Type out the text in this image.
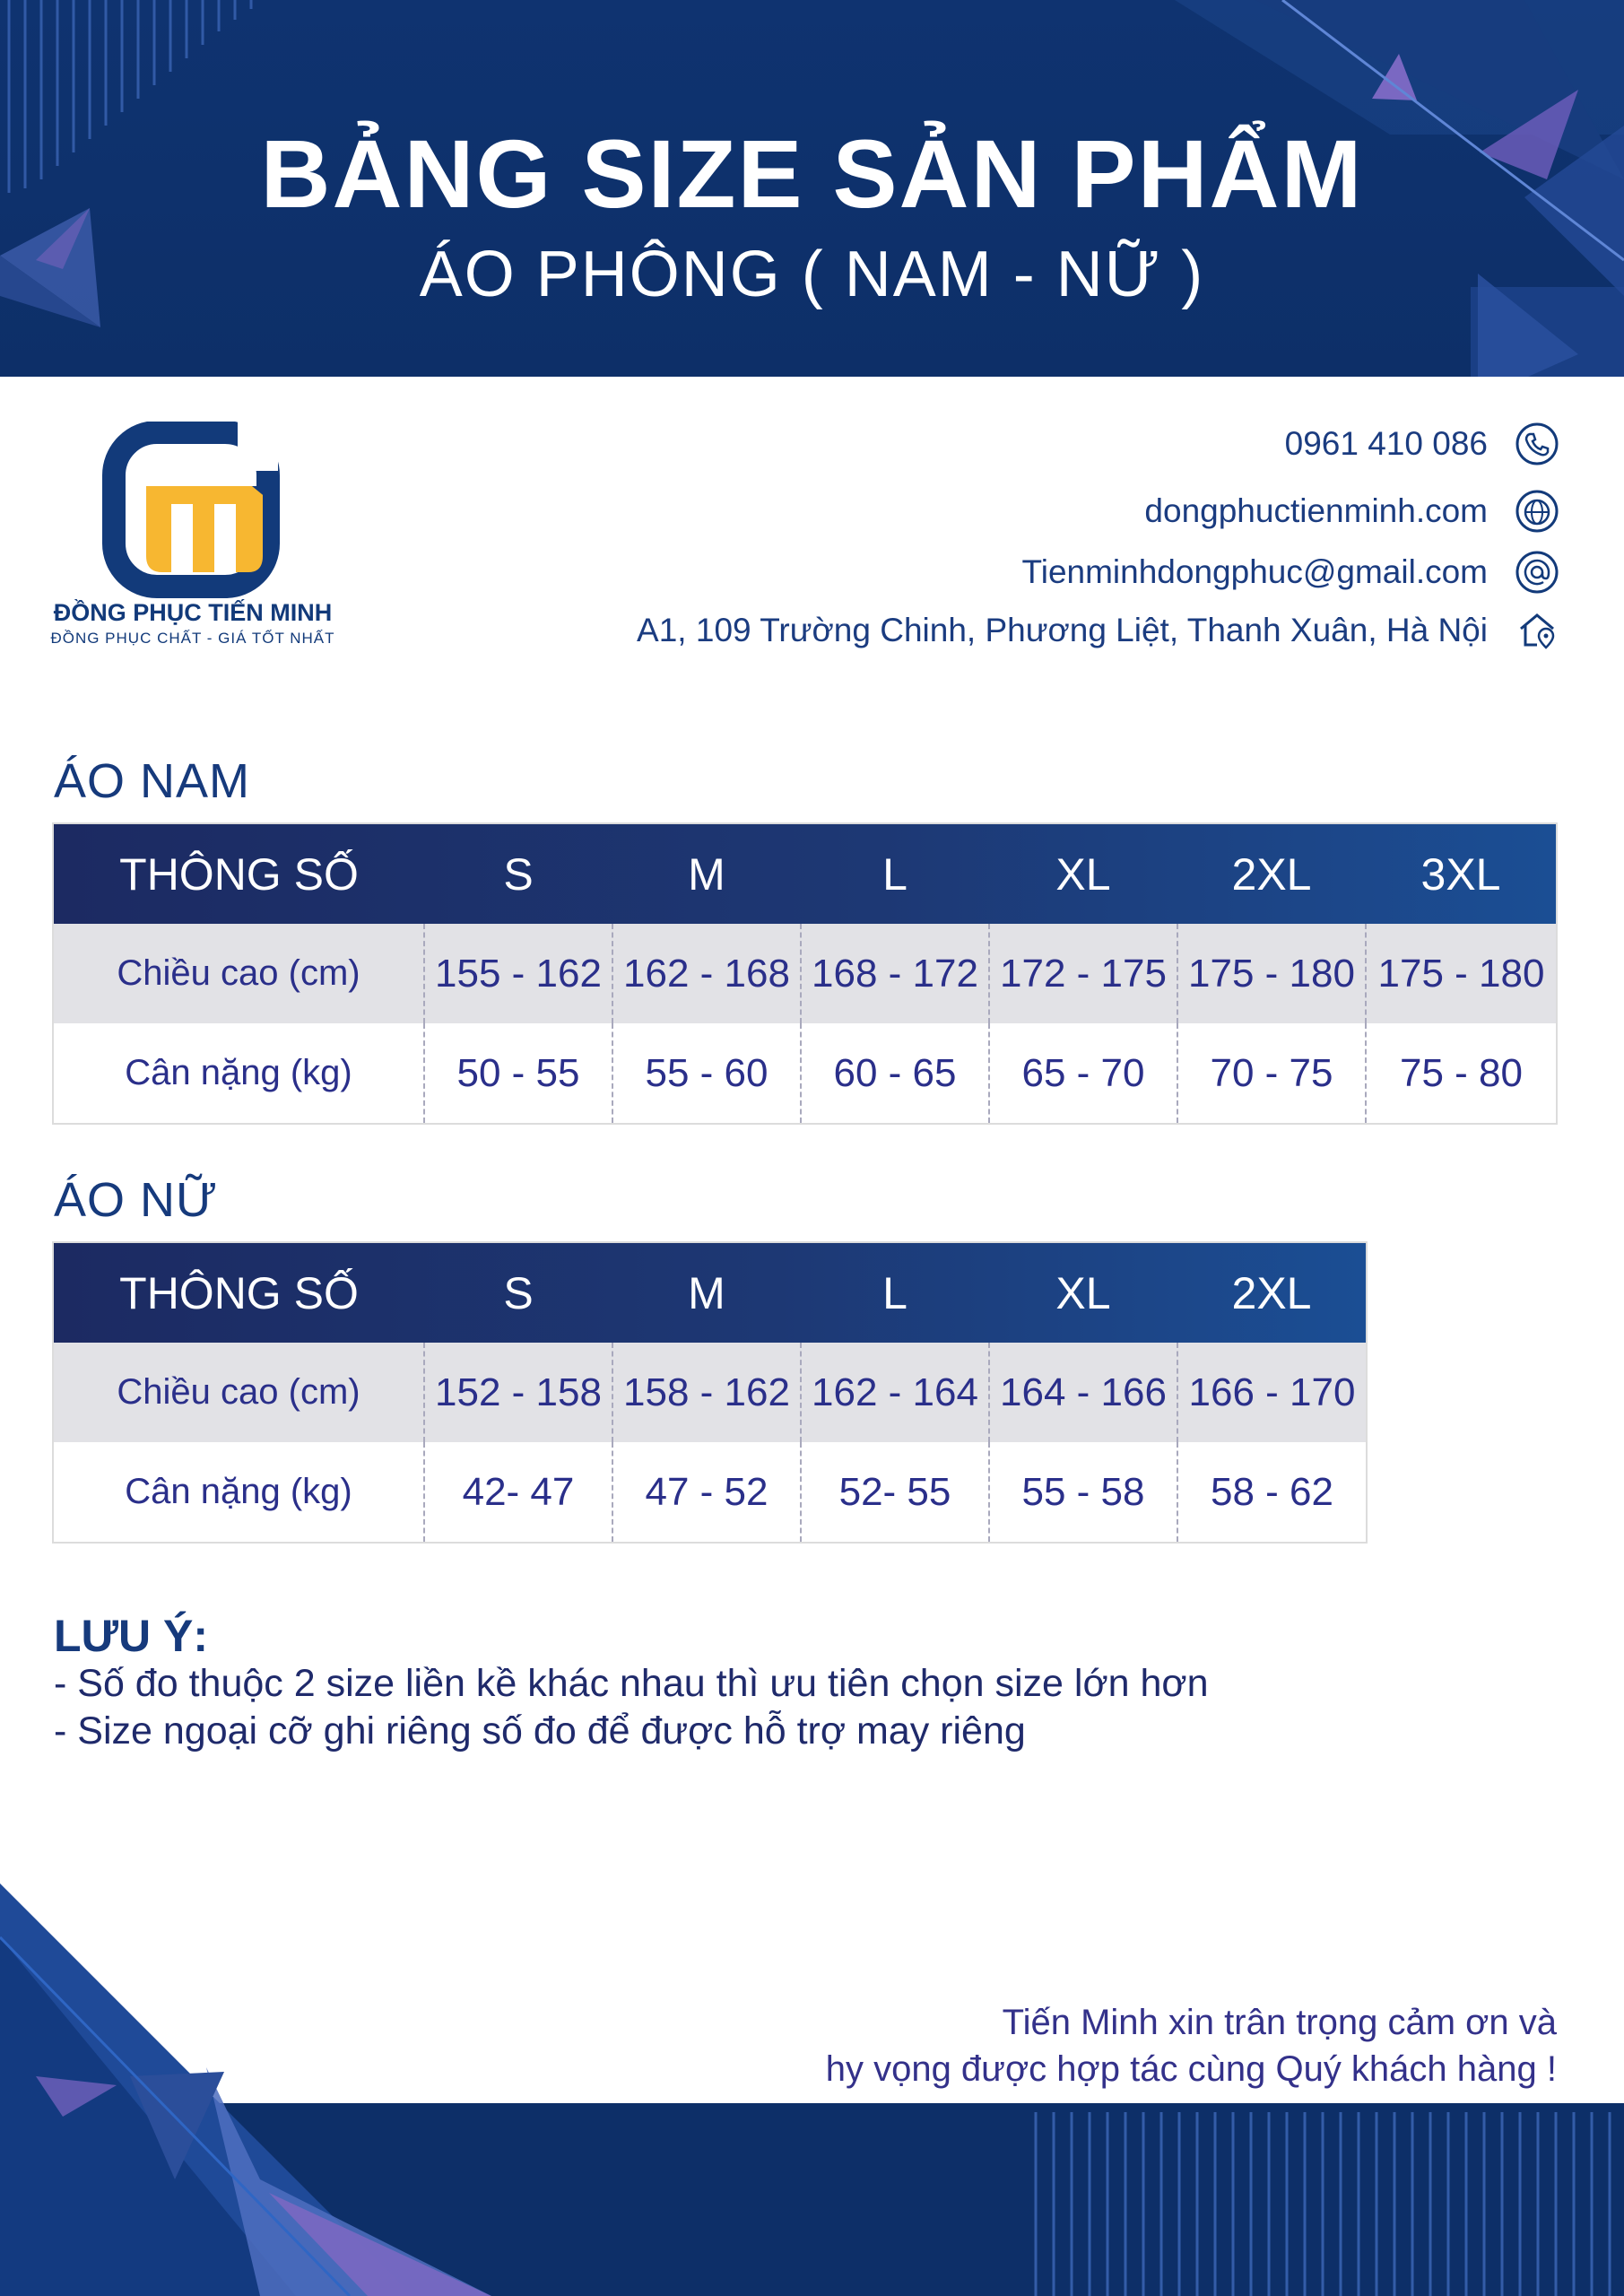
BẢNG SIZE SẢN PHẨM
ÁO PHÔNG ( NAM - NỮ )
ĐỒNG PHỤC TIẾN MINH
ĐỒNG PHỤC CHẤT - GIÁ TỐT NHẤT
0961 410 086
dongphuctienminh.com
Tienminhdongphuc@gmail.com
A1, 109 Trường Chinh, Phương Liệt, Thanh Xuân, Hà Nội
ÁO NAM
THÔNG SỐ	S	M	L	XL	2XL	3XL
Chiều cao (cm)	155 - 162	162 - 168	168 - 172	172 - 175	175 - 180	175 - 180
Cân nặng (kg)	50 - 55	55 - 60	60 - 65	65 - 70	70 - 75	75 - 80
ÁO NỮ
THÔNG SỐ	S	M	L	XL	2XL
Chiều cao (cm)	152 - 158	158 - 162	162 - 164	164 - 166	166 - 170
Cân nặng (kg)	42- 47	47 - 52	52- 55	55 - 58	58 - 62
LƯU Ý:
- Số đo thuộc 2 size liền kề khác nhau thì ưu tiên chọn size lớn hơn
- Size ngoại cỡ ghi riêng số đo để được hỗ trợ may riêng
Tiến Minh xin trân trọng cảm ơn và
hy vọng được hợp tác cùng Quý khách hàng !
